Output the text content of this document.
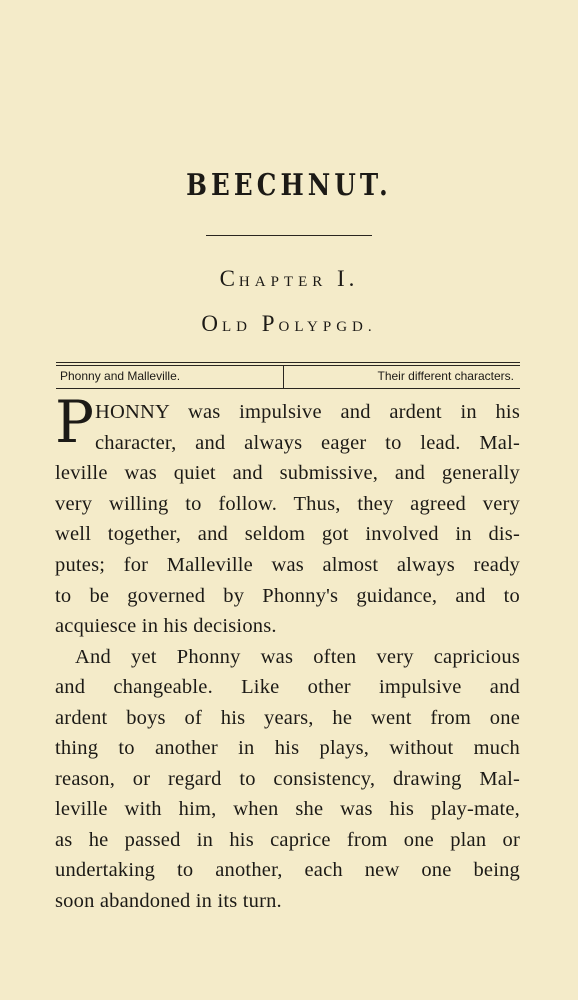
BEECHNUT.
CHAPTER I.
OLD POLYPGD.
Phonny and Malleville.	Their different characters.
P HONNY was impulsive and ardent in his
character, and always eager to lead. Mal-
leville was quiet and submissive, and generally
very willing to follow. Thus, they agreed very
well together, and seldom got involved in dis-
putes; for Malleville was almost always ready
to be governed by Phonny's guidance, and to
acquiesce in his decisions.
And yet Phonny was often very capricious
and changeable. Like other impulsive and
ardent boys of his years, he went from one
thing to another in his plays, without much
reason, or regard to consistency, drawing Mal-
leville with him, when she was his play-mate,
as he passed in his caprice from one plan or
undertaking to another, each new one being
soon abandoned in its turn.
